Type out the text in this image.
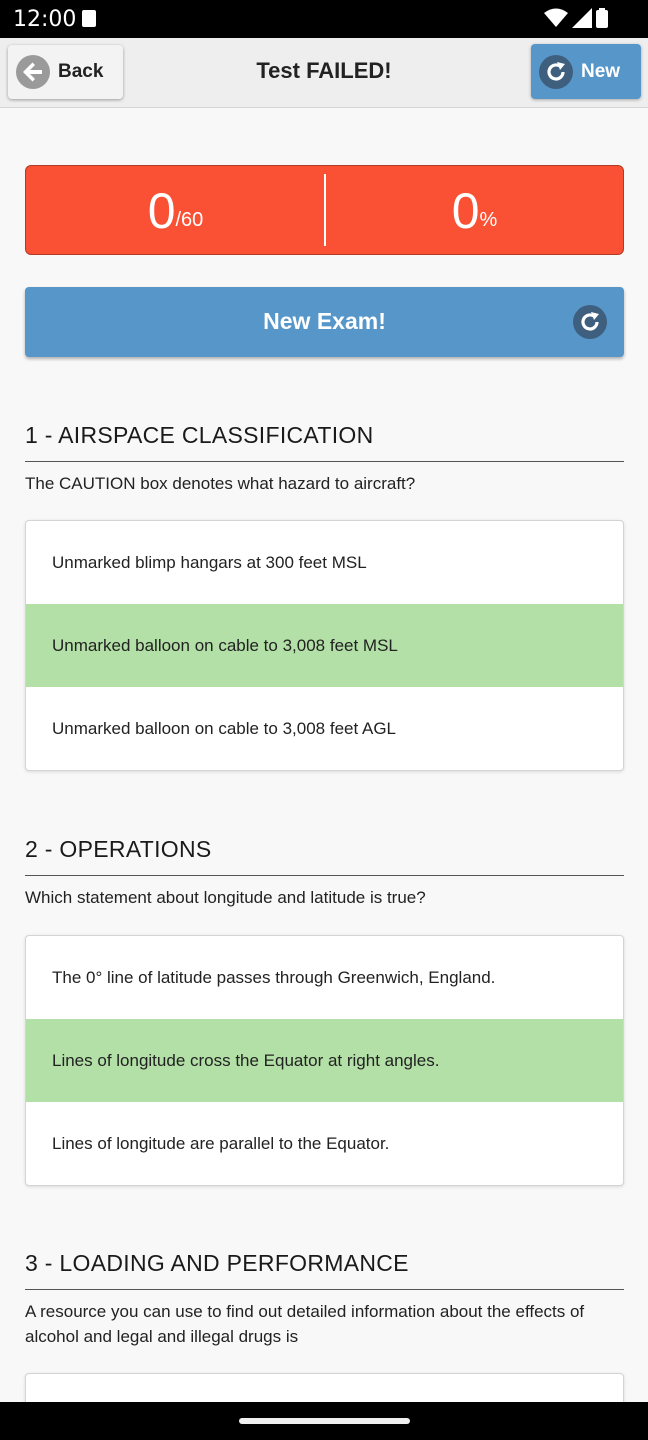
12:00
Back	Test FAILED!	New
0 /60	0 %
New Exam!
1 - AIRSPACE CLASSIFICATION
The CAUTION box denotes what hazard to aircraft?
Unmarked blimp hangars at 300 feet MSL
Unmarked balloon on cable to 3,008 feet MSL
Unmarked balloon on cable to 3,008 feet AGL
2 - OPERATIONS
Which statement about longitude and latitude is true?
The 0° line of latitude passes through Greenwich, England.
Lines of longitude cross the Equator at right angles.
Lines of longitude are parallel to the Equator.
3 - LOADING AND PERFORMANCE
A resource you can use to find out detailed information about the effects of alcohol and legal and illegal drugs is
